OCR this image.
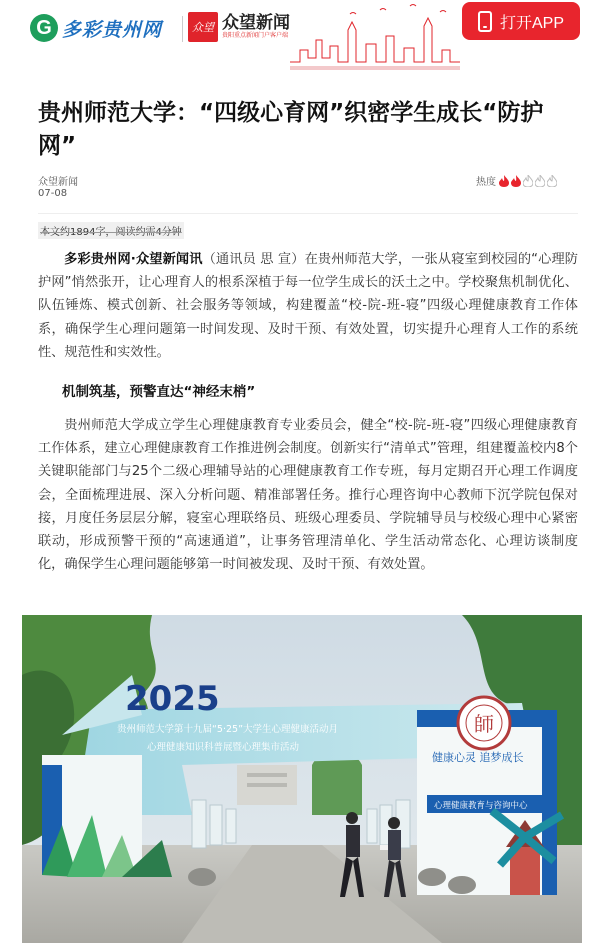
G 多彩贵州网	众望 众望新闻
贵阳重点新闻门户客户端
打开APP
贵州师范大学：“四级心育网”织密学生成长“防护网”
众望新闻
07-08
热度
本文约1894字，阅读约需4分钟

多彩贵州网·众望新闻讯（通讯员 思 宣）在贵州师范大学，一张从寝室到校园的“心理防护网”悄然张开，让心理育人的根系深植于每一位学生成长的沃土之中。学校聚焦机制优化、队伍锤炼、模式创新、社会服务等领域，构建覆盖“校-院-班-寝”四级心理健康教育工作体系，确保学生心理问题第一时间发现、及时干预、有效处置，切实提升心理育人工作的系统性、规范性和实效性。

机制筑基，预警直达“神经末梢”

贵州师范大学成立学生心理健康教育专业委员会，健全“校-院-班-寝”四级心理健康教育工作体系，建立心理健康教育工作推进例会制度。创新实行“清单式”管理，组建覆盖校内8个关键职能部门与25个二级心理辅导站的心理健康教育工作专班，每月定期召开心理工作调度会，全面梳理进展、深入分析问题、精准部署任务。推行心理咨询中心教师下沉学院包保对接，月度任务层层分解，寝室心理联络员、班级心理委员、学院辅导员与校级心理中心紧密联动，形成预警干预的“高速通道”，让事务管理清单化、学生活动常态化、心理访谈制度化，确保学生心理问题能够第一时间被发现、及时干预、有效处置。

師
2025
贵州师范大学第十九届“5·25”大学生心理健康活动月
心理健康知识科普展暨心理集市活动
健康心灵 追梦成长
心理健康教育与咨询中心
